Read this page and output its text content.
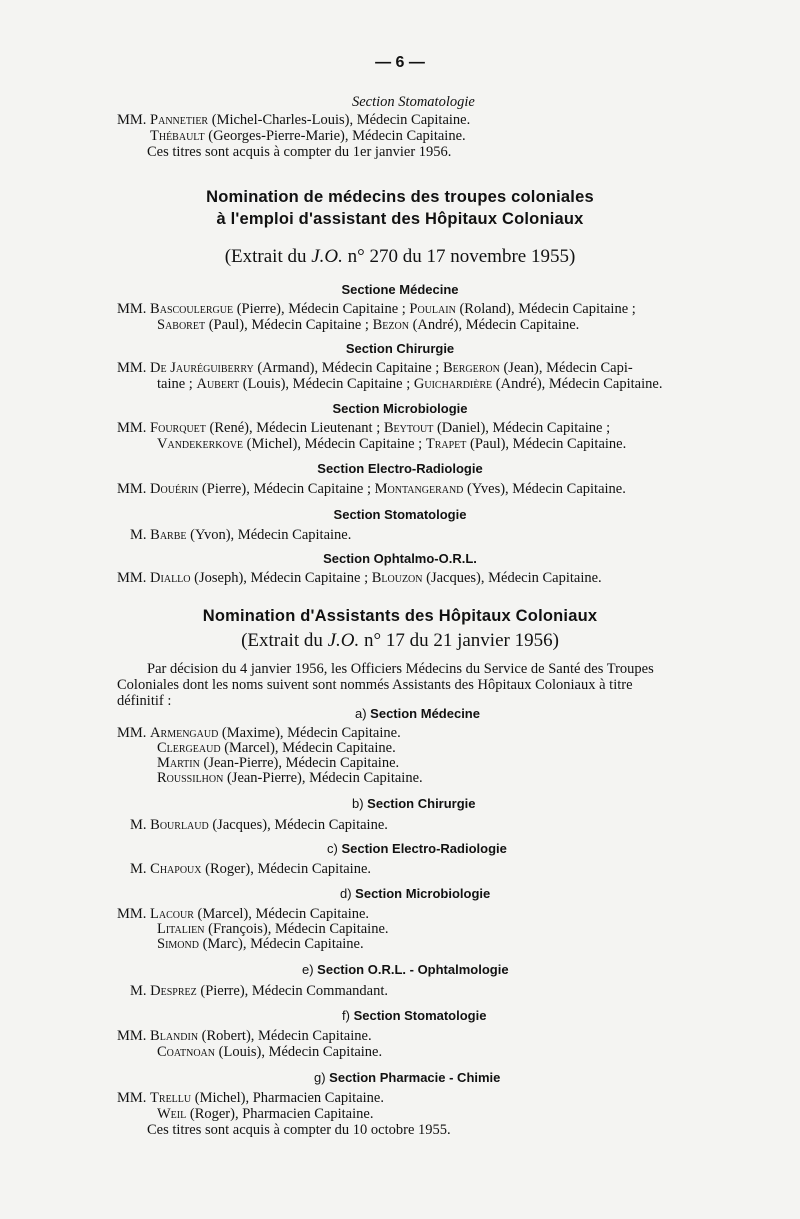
— 6 —
Section Stomatologie
MM. Pannetier (Michel-Charles-Louis), Médecin Capitaine.
Thébault (Georges-Pierre-Marie), Médecin Capitaine.
Ces titres sont acquis à compter du 1er janvier 1956.
Nomination de médecins des troupes coloniales
à l'emploi d'assistant des Hôpitaux Coloniaux
(Extrait du J.O. n° 270 du 17 novembre 1955)
Sectione Médecine
MM. Bascoulergue (Pierre), Médecin Capitaine ; Poulain (Roland), Médecin Capitaine ;
Saboret (Paul), Médecin Capitaine ; Bezon (André), Médecin Capitaine.
Section Chirurgie
MM. De Jauréguiberry (Armand), Médecin Capitaine ; Bergeron (Jean), Médecin Capi-
taine ; Aubert (Louis), Médecin Capitaine ; Guichardière (André), Médecin Capitaine.
Section Microbiologie
MM. Fourquet (René), Médecin Lieutenant ; Beytout (Daniel), Médecin Capitaine ;
Vandekerkove (Michel), Médecin Capitaine ; Trapet (Paul), Médecin Capitaine.
Section Electro-Radiologie
MM. Douérin (Pierre), Médecin Capitaine ; Montangerand (Yves), Médecin Capitaine.
Section Stomatologie
M. Barbe (Yvon), Médecin Capitaine.
Section Ophtalmo-O.R.L.
MM. Diallo (Joseph), Médecin Capitaine ; Blouzon (Jacques), Médecin Capitaine.
Nomination d'Assistants des Hôpitaux Coloniaux
(Extrait du J.O. n° 17 du 21 janvier 1956)
Par décision du 4 janvier 1956, les Officiers Médecins du Service de Santé des Troupes
Coloniales dont les noms suivent sont nommés Assistants des Hôpitaux Coloniaux à titre
définitif :
a) Section Médecine
MM. Armengaud (Maxime), Médecin Capitaine.
Clergeaud (Marcel), Médecin Capitaine.
Martin (Jean-Pierre), Médecin Capitaine.
Roussilhon (Jean-Pierre), Médecin Capitaine.
b) Section Chirurgie
M. Bourlaud (Jacques), Médecin Capitaine.
c) Section Electro-Radiologie
M. Chapoux (Roger), Médecin Capitaine.
d) Section Microbiologie
MM. Lacour (Marcel), Médecin Capitaine.
Litalien (François), Médecin Capitaine.
Simond (Marc), Médecin Capitaine.
e) Section O.R.L. - Ophtalmologie
M. Desprez (Pierre), Médecin Commandant.
f) Section Stomatologie
MM. Blandin (Robert), Médecin Capitaine.
Coatnoan (Louis), Médecin Capitaine.
g) Section Pharmacie - Chimie
MM. Trellu (Michel), Pharmacien Capitaine.
Weil (Roger), Pharmacien Capitaine.
Ces titres sont acquis à compter du 10 octobre 1955.
